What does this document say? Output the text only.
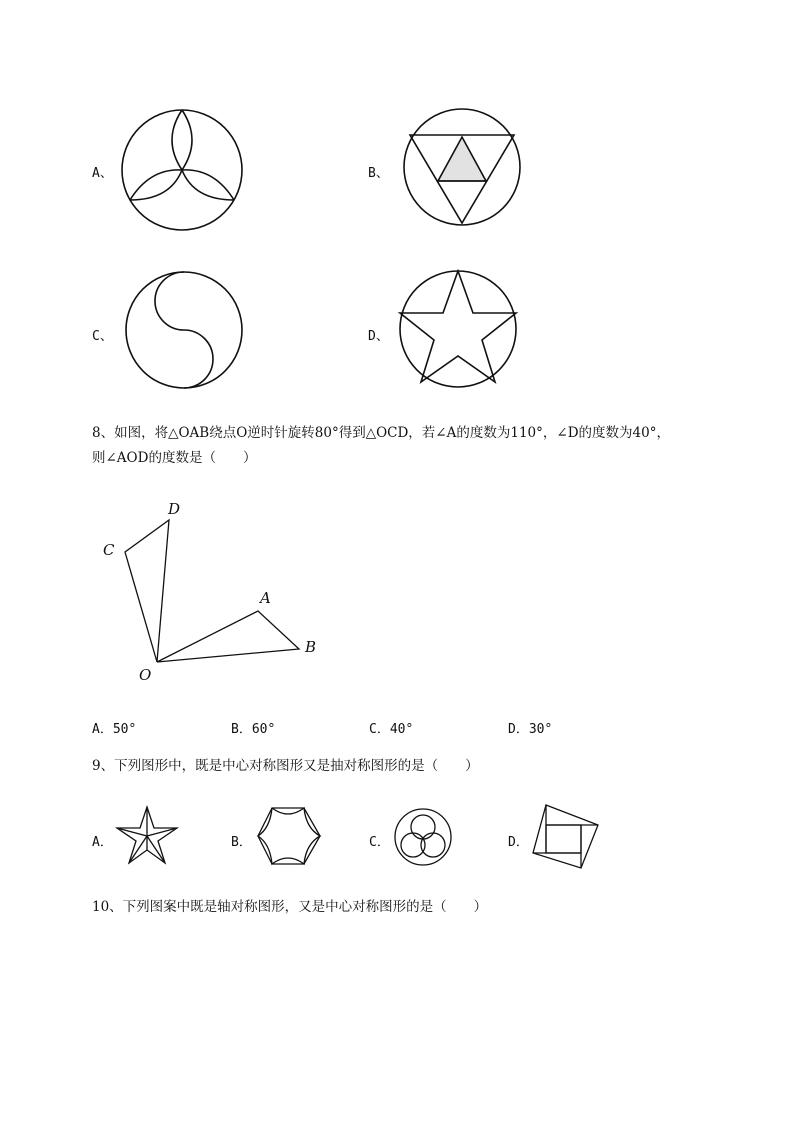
A、	B、
C、	D、
8、如图，将△OAB绕点O逆时针旋转80°得到△OCD，若∠A的度数为110°，∠D的度数为40°，
则∠AOD的度数是（　　）
D
C
A
B
O
A．50°	B．60°	C．40°	D．30°
9、下列图形中，既是中心对称图形又是抽对称图形的是（　　）
A．	B．	C．	D．
10、下列图案中既是轴对称图形，又是中心对称图形的是（　　）
